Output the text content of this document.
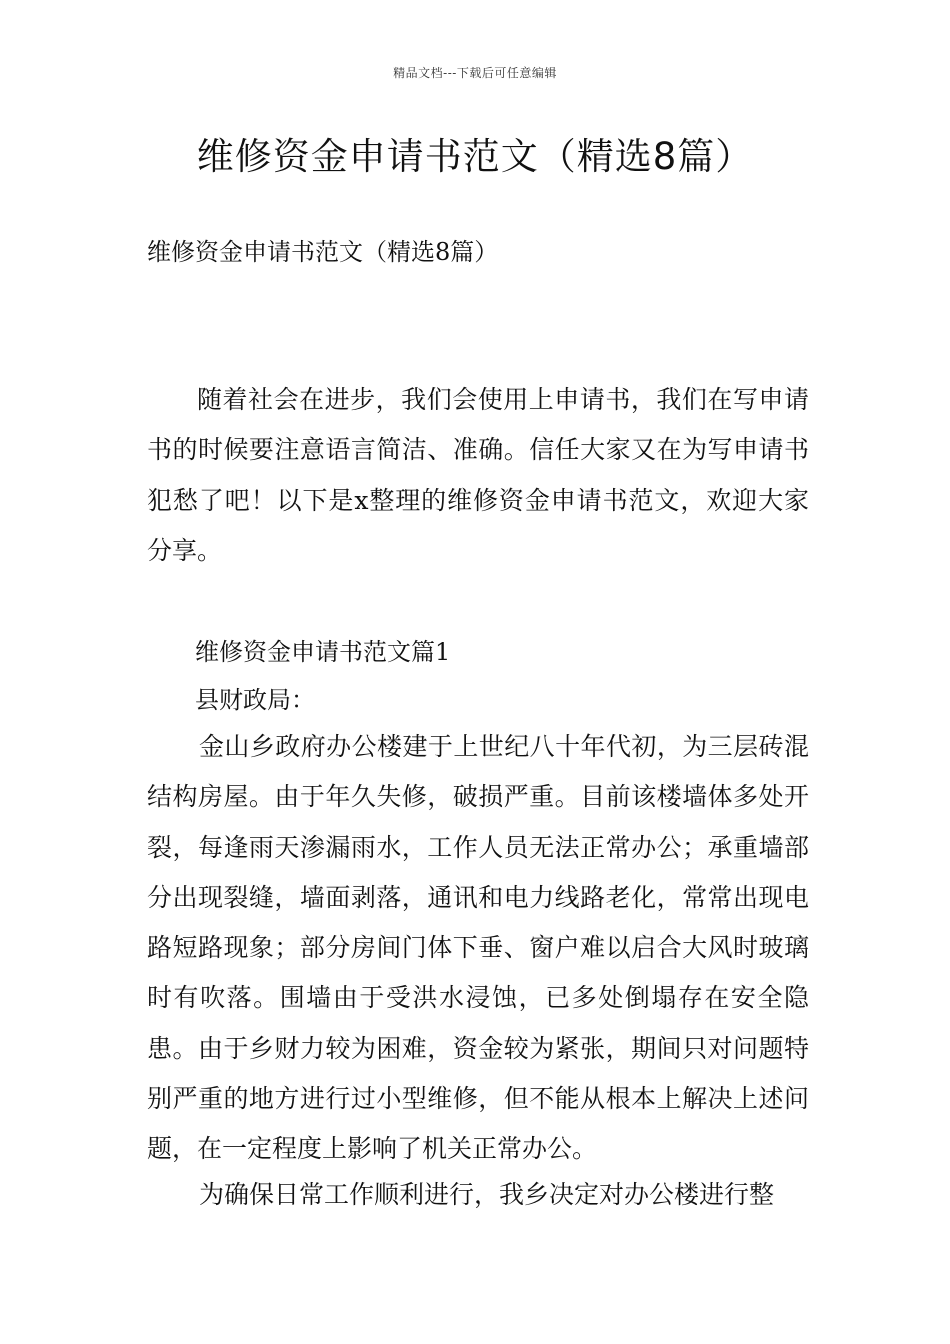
精品文档---下载后可任意编辑
维修资金申请书范文（精选8篇）

维修资金申请书范文（精选8篇）

随着社会在进步，我们会使用上申请书，我们在写申请书的时候要注意语言简洁、准确。信任大家又在为写申请书犯愁了吧！以下是x整理的维修资金申请书范文，欢迎大家分享。

维修资金申请书范文篇1

县财政局：

金山乡政府办公楼建于上世纪八十年代初，为三层砖混结构房屋。由于年久失修，破损严重。目前该楼墙体多处开裂，每逢雨天渗漏雨水，工作人员无法正常办公；承重墙部分出现裂缝，墙面剥落，通讯和电力线路老化，常常出现电路短路现象；部分房间门体下垂、窗户难以启合大风时玻璃时有吹落。围墙由于受洪水浸蚀，已多处倒塌存在安全隐患。由于乡财力较为困难，资金较为紧张，期间只对问题特别严重的地方进行过小型维修，但不能从根本上解决上述问题，在一定程度上影响了机关正常办公。

为确保日常工作顺利进行，我乡决定对办公楼进行整
